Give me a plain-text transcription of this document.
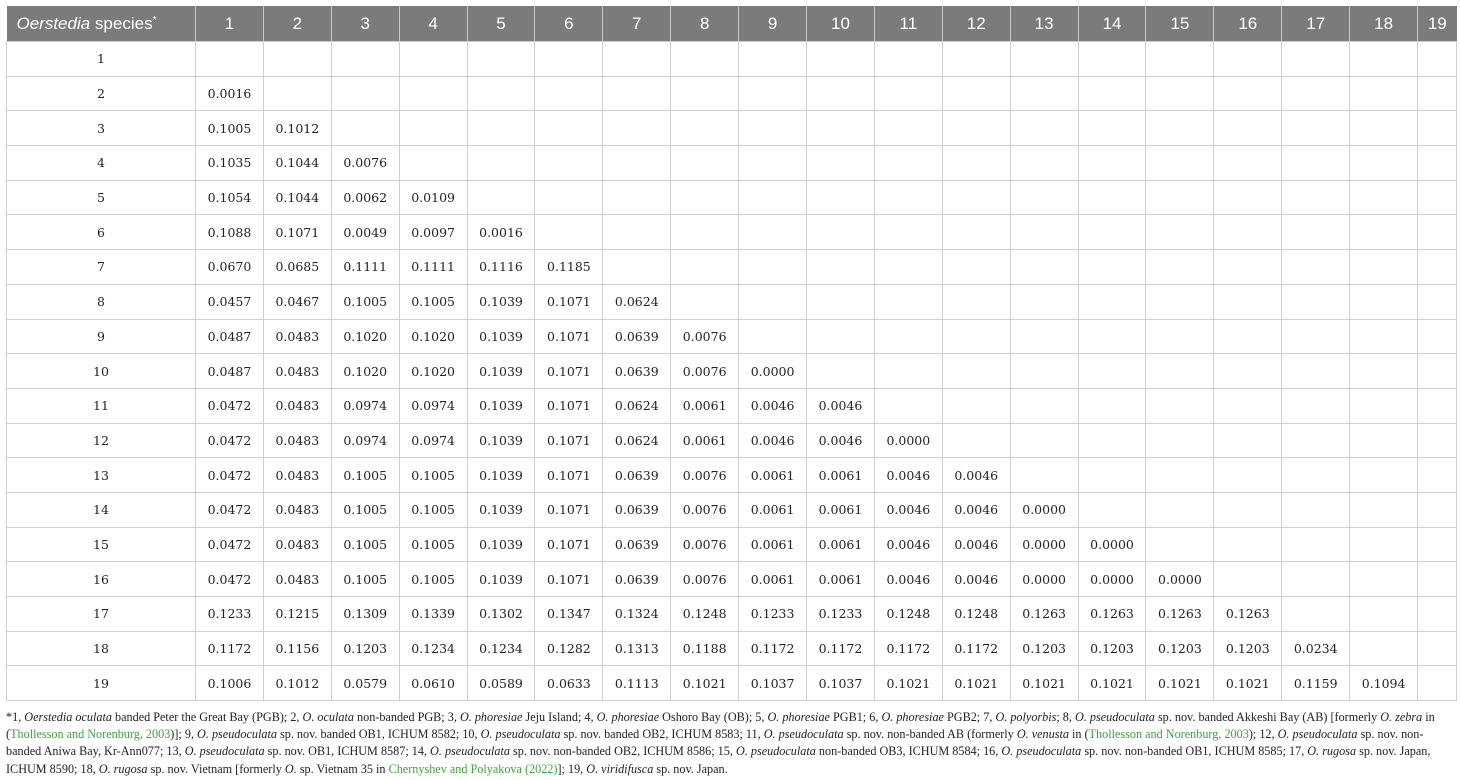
Oerstedia species*	1	2	3	4	5	6	7	8	9	10	11	12	13	14	15	16	17	18	19
1																			
2	0.0016																		
3	0.1005	0.1012																	
4	0.1035	0.1044	0.0076																
5	0.1054	0.1044	0.0062	0.0109															
6	0.1088	0.1071	0.0049	0.0097	0.0016														
7	0.0670	0.0685	0.1111	0.1111	0.1116	0.1185													
8	0.0457	0.0467	0.1005	0.1005	0.1039	0.1071	0.0624												
9	0.0487	0.0483	0.1020	0.1020	0.1039	0.1071	0.0639	0.0076											
10	0.0487	0.0483	0.1020	0.1020	0.1039	0.1071	0.0639	0.0076	0.0000										
11	0.0472	0.0483	0.0974	0.0974	0.1039	0.1071	0.0624	0.0061	0.0046	0.0046									
12	0.0472	0.0483	0.0974	0.0974	0.1039	0.1071	0.0624	0.0061	0.0046	0.0046	0.0000								
13	0.0472	0.0483	0.1005	0.1005	0.1039	0.1071	0.0639	0.0076	0.0061	0.0061	0.0046	0.0046							
14	0.0472	0.0483	0.1005	0.1005	0.1039	0.1071	0.0639	0.0076	0.0061	0.0061	0.0046	0.0046	0.0000						
15	0.0472	0.0483	0.1005	0.1005	0.1039	0.1071	0.0639	0.0076	0.0061	0.0061	0.0046	0.0046	0.0000	0.0000					
16	0.0472	0.0483	0.1005	0.1005	0.1039	0.1071	0.0639	0.0076	0.0061	0.0061	0.0046	0.0046	0.0000	0.0000	0.0000				
17	0.1233	0.1215	0.1309	0.1339	0.1302	0.1347	0.1324	0.1248	0.1233	0.1233	0.1248	0.1248	0.1263	0.1263	0.1263	0.1263			
18	0.1172	0.1156	0.1203	0.1234	0.1234	0.1282	0.1313	0.1188	0.1172	0.1172	0.1172	0.1172	0.1203	0.1203	0.1203	0.1203	0.0234		
19	0.1006	0.1012	0.0579	0.0610	0.0589	0.0633	0.1113	0.1021	0.1037	0.1037	0.1021	0.1021	0.1021	0.1021	0.1021	0.1021	0.1159	0.1094	
*1, Oerstedia oculata banded Peter the Great Bay (PGB); 2, O. oculata non-banded PGB; 3, O. phoresiae Jeju Island; 4, O. phoresiae Oshoro Bay (OB); 5, O. phoresiae PGB1; 6, O. phoresiae PGB2; 7, O. polyorbis; 8, O. pseudoculata sp. nov. banded Akkeshi Bay (AB) [formerly O. zebra in (Thollesson and Norenburg, 2003)]; 9, O. pseudoculata sp. nov. banded OB1, ICHUM 8582; 10, O. pseudoculata sp. nov. banded OB2, ICHUM 8583; 11, O. pseudoculata sp. nov. non-banded AB (formerly O. venusta in (Thollesson and Norenburg, 2003); 12, O. pseudoculata sp. nov. non-banded Aniwa Bay, Kr-Ann077; 13, O. pseudoculata sp. nov. OB1, ICHUM 8587; 14, O. pseudoculata sp. nov. non-banded OB2, ICHUM 8586; 15, O. pseudoculata non-banded OB3, ICHUM 8584; 16, O. pseudoculata sp. nov. non-banded OB1, ICHUM 8585; 17, O. rugosa sp. nov. Japan, ICHUM 8590; 18, O. rugosa sp. nov. Vietnam [formerly O. sp. Vietnam 35 in Chernyshev and Polyakova (2022)]; 19, O. viridifusca sp. nov. Japan.
